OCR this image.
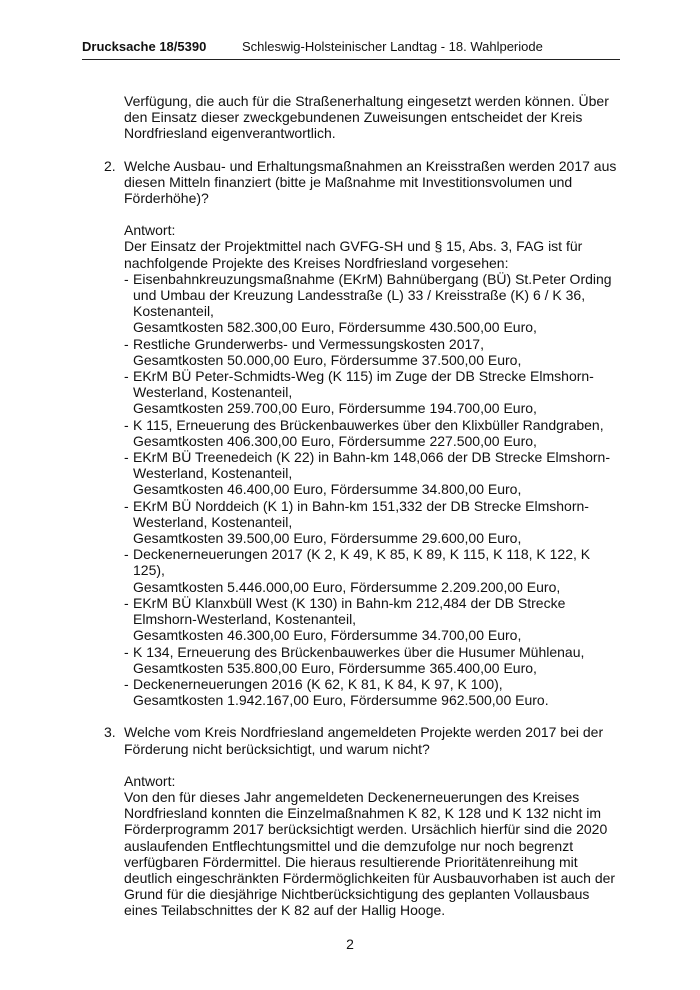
Drucksache 18/5390	Schleswig-Holsteinischer Landtag - 18. Wahlperiode

Verfügung, die auch für die Straßenerhaltung eingesetzt werden können. Über den Einsatz dieser zweckgebundenen Zuweisungen entscheidet der Kreis Nordfriesland eigenverantwortlich.

2. Welche Ausbau- und Erhaltungsmaßnahmen an Kreisstraßen werden 2017 aus diesen Mitteln finanziert (bitte je Maßnahme mit Investitionsvolumen und Förderhöhe)?
Antwort:
Der Einsatz der Projektmittel nach GVFG-SH und § 15, Abs. 3, FAG ist für nachfolgende Projekte des Kreises Nordfriesland vorgesehen:
- Eisenbahnkreuzungsmaßnahme (EKrM) Bahnübergang (BÜ) St.Peter Ording und Umbau der Kreuzung Landesstraße (L) 33 / Kreisstraße (K) 6 / K 36, Kostenanteil,
Gesamtkosten 582.300,00 Euro, Fördersumme 430.500,00 Euro,
- Restliche Grunderwerbs- und Vermessungskosten 2017,
Gesamtkosten 50.000,00 Euro, Fördersumme 37.500,00 Euro,
- EKrM BÜ Peter-Schmidts-Weg (K 115) im Zuge der DB Strecke Elmshorn-Westerland, Kostenanteil,
Gesamtkosten 259.700,00 Euro, Fördersumme 194.700,00 Euro,
- K 115, Erneuerung des Brückenbauwerkes über den Klixbüller Randgraben,
Gesamtkosten 406.300,00 Euro, Fördersumme 227.500,00 Euro,
- EKrM BÜ Treenedeich (K 22) in Bahn-km 148,066 der DB Strecke Elmshorn-Westerland, Kostenanteil,
Gesamtkosten 46.400,00 Euro, Fördersumme 34.800,00 Euro,
- EKrM BÜ Norddeich (K 1) in Bahn-km 151,332 der DB Strecke Elmshorn-Westerland, Kostenanteil,
Gesamtkosten 39.500,00 Euro, Fördersumme 29.600,00 Euro,
- Deckenerneuerungen 2017 (K 2, K 49, K 85, K 89, K 115, K 118, K 122, K 125),
Gesamtkosten 5.446.000,00 Euro, Fördersumme 2.209.200,00 Euro,
- EKrM BÜ Klanxbüll West (K 130) in Bahn-km 212,484 der DB Strecke Elmshorn-Westerland, Kostenanteil,
Gesamtkosten 46.300,00 Euro, Fördersumme 34.700,00 Euro,
- K 134, Erneuerung des Brückenbauwerkes über die Husumer Mühlenau,
Gesamtkosten 535.800,00 Euro, Fördersumme 365.400,00 Euro,
- Deckenerneuerungen 2016 (K 62, K 81, K 84, K 97, K 100),
Gesamtkosten 1.942.167,00 Euro, Fördersumme 962.500,00 Euro.
3. Welche vom Kreis Nordfriesland angemeldeten Projekte werden 2017 bei der Förderung nicht berücksichtigt, und warum nicht?
Antwort:
Von den für dieses Jahr angemeldeten Deckenerneuerungen des Kreises Nordfriesland konnten die Einzelmaßnahmen K 82, K 128 und K 132 nicht im Förderprogramm 2017 berücksichtigt werden. Ursächlich hierfür sind die 2020 auslaufenden Entflechtungsmittel und die demzufolge nur noch begrenzt verfügbaren Fördermittel. Die hieraus resultierende Prioritätenreihung mit deutlich eingeschränkten Fördermöglichkeiten für Ausbauvorhaben ist auch der Grund für die diesjährige Nichtberücksichtigung des geplanten Vollausbaus eines Teilabschnittes der K 82 auf der Hallig Hooge.
2
